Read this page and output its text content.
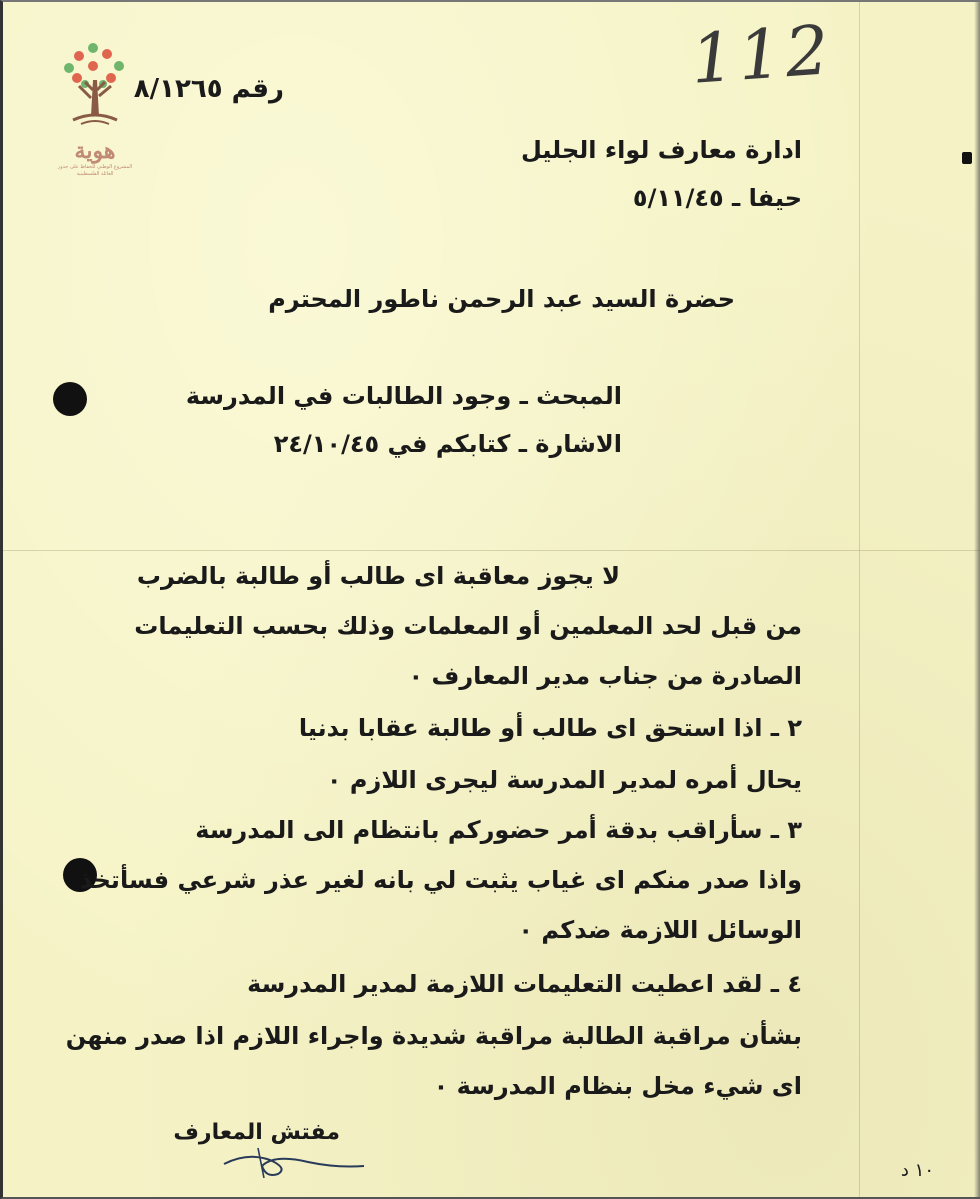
هوية
المشروع الوطني للحفاظ على جذور العائلة الفلسطينية
112
رقم ٨/١٢٦٥
ادارة معارف لواء الجليل
حيفا ـ ٥/١١/٤٥
حضرة السيد عبد الرحمن ناطور المحترم
المبحث ـ وجود الطالبات في المدرسة
الاشارة ـ كتابكم في ٢٤/١٠/٤٥
لا يجوز معاقبة اى طالب أو طالبة بالضرب
من قبل لحد المعلمين أو المعلمات وذلك بحسب التعليمات
الصادرة من جناب مدير المعارف ٠
٢ ـ اذا استحق اى طالب أو طالبة عقابا بدنيا
يحال أمره لمدير المدرسة ليجرى اللازم ٠
٣ ـ سأراقب بدقة أمر حضوركم بانتظام الى المدرسة
واذا صدر منكم اى غياب يثبت لي بانه لغير عذر شرعي فسأتخذ
الوسائل اللازمة ضدكم ٠
٤ ـ لقد اعطيت التعليمات اللازمة لمدير المدرسة
بشأن مراقبة الطالبة مراقبة شديدة واجراء اللازم اذا صدر منهن
اى شيء مخل بنظام المدرسة ٠
مفتش المعارف
١٠ د
